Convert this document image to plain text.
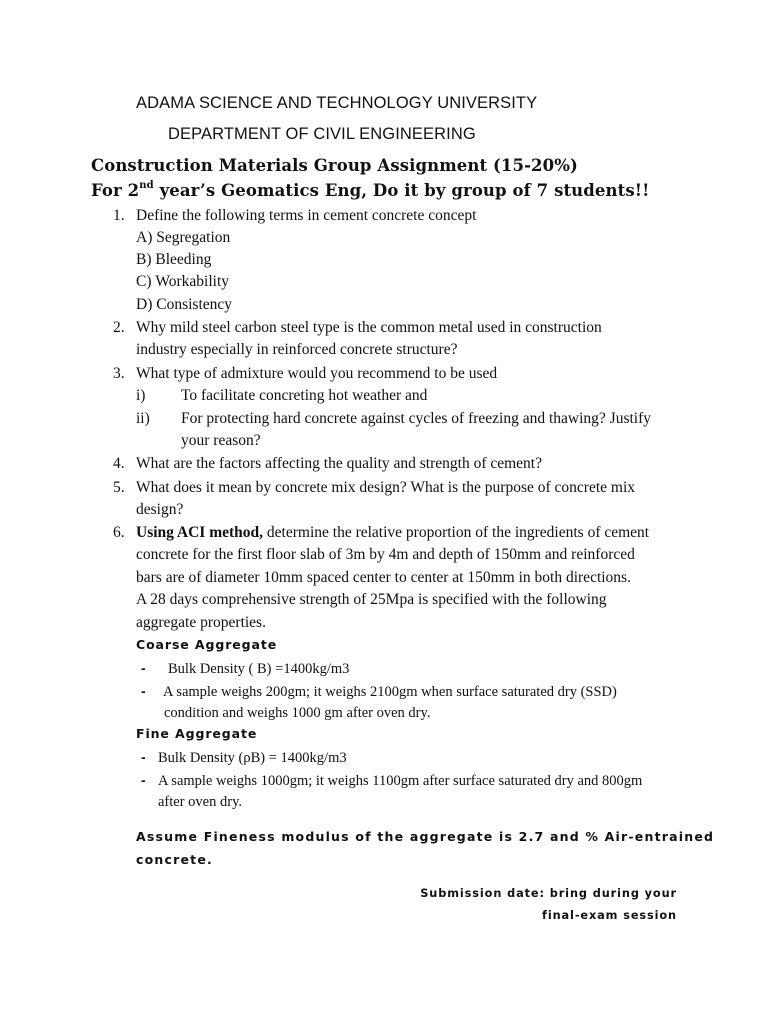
ADAMA SCIENCE AND TECHNOLOGY UNIVERSITY
DEPARTMENT OF CIVIL ENGINEERING
Construction Materials Group Assignment (15-20%)
For 2nd year’s Geomatics Eng, Do it by group of 7 students!!
1. Define the following terms in cement concrete concept
A) Segregation
B) Bleeding
C) Workability
D) Consistency
2. Why mild steel carbon steel type is the common metal used in construction
industry especially in reinforced concrete structure?
3. What type of admixture would you recommend to be used
i) To facilitate concreting hot weather and
ii) For protecting hard concrete against cycles of freezing and thawing? Justify
your reason?
4. What are the factors affecting the quality and strength of cement?
5. What does it mean by concrete mix design? What is the purpose of concrete mix
design?
6. Using ACI method, determine the relative proportion of the ingredients of cement
concrete for the first floor slab of 3m by 4m and depth of 150mm and reinforced
bars are of diameter 10mm spaced center to center at 150mm in both directions.
A 28 days comprehensive strength of 25Mpa is specified with the following
aggregate properties.
Coarse Aggregate
- Bulk Density ( B) =1400kg/m3
- A sample weighs 200gm; it weighs 2100gm when surface saturated dry (SSD)
condition and weighs 1000 gm after oven dry.
Fine Aggregate
- Bulk Density (ρB) = 1400kg/m3
- A sample weighs 1000gm; it weighs 1100gm after surface saturated dry and 800gm
after oven dry.
Assume Fineness modulus of the aggregate is 2.7 and % Air-entrained
concrete.
Submission date: bring during your
final-exam session
